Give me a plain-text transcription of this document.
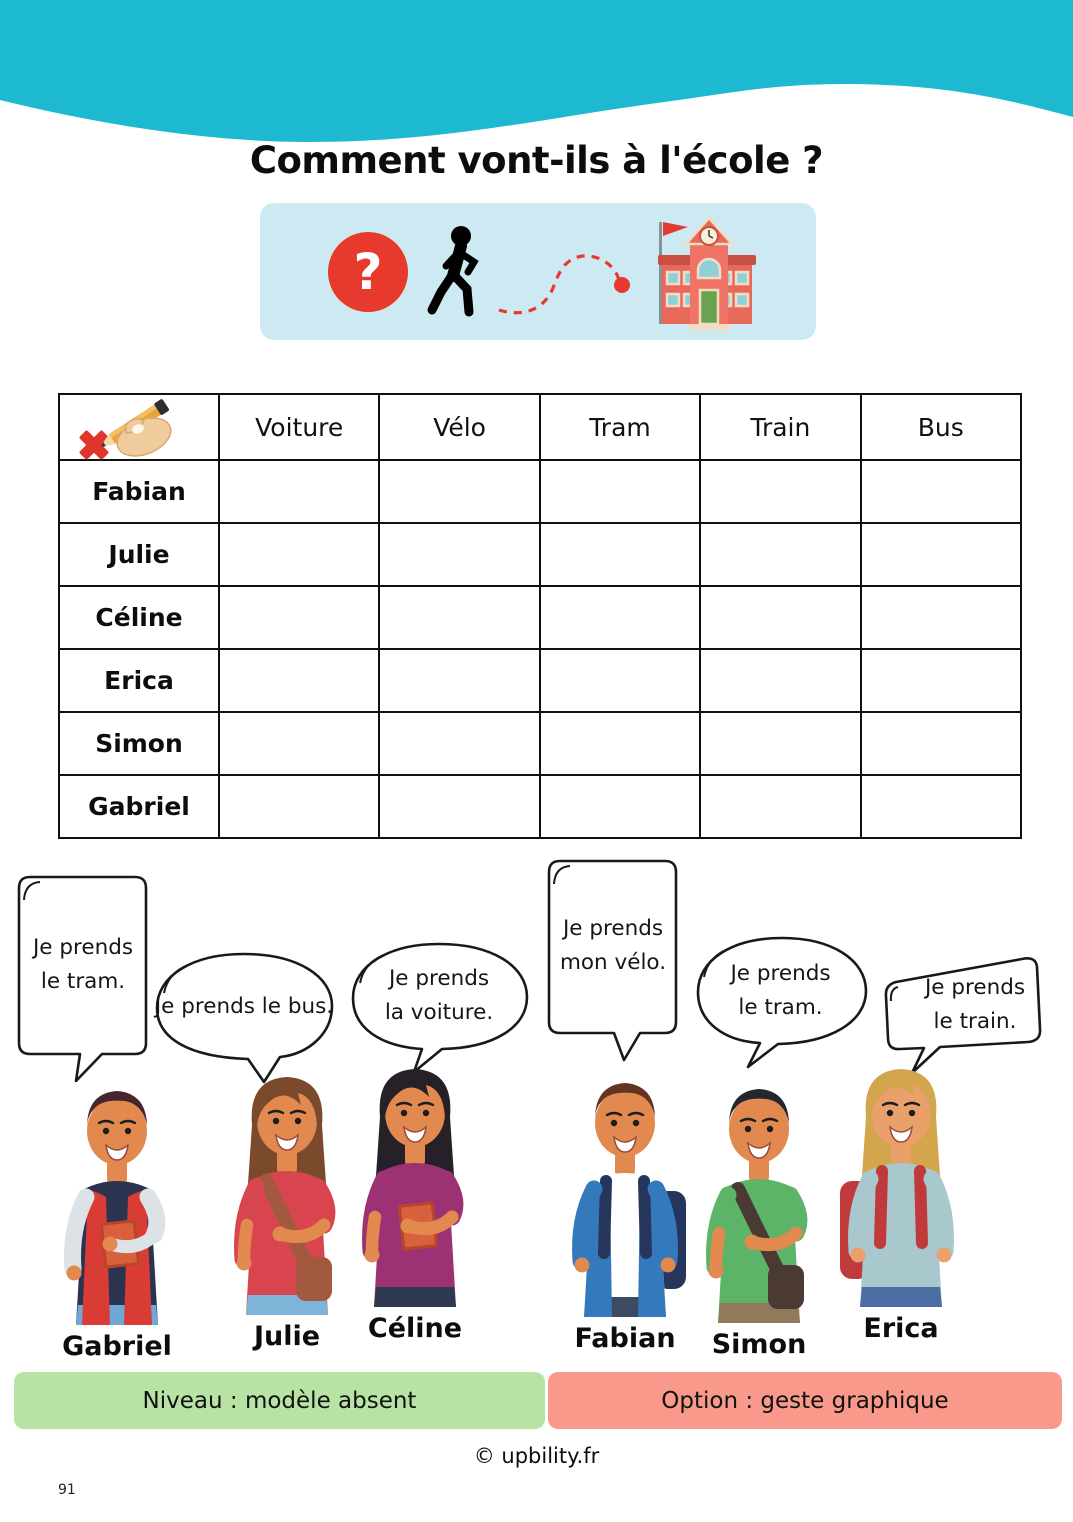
Comment vont-ils à l'école ?
?
	Voiture	Vélo	Tram	Train	Bus
Fabian					
Julie					
Céline					
Erica					
Simon					
Gabriel					
Je prends
le tram.
Je prends le bus.
Je prends
la voiture.
Je prends
mon vélo.	Je prends
le tram.
Je prends
le train.
Gabriel	Julie	Céline	Fabian	Simon
Erica
Niveau : modèle absent	Option : geste graphique
© upbility.fr
91
